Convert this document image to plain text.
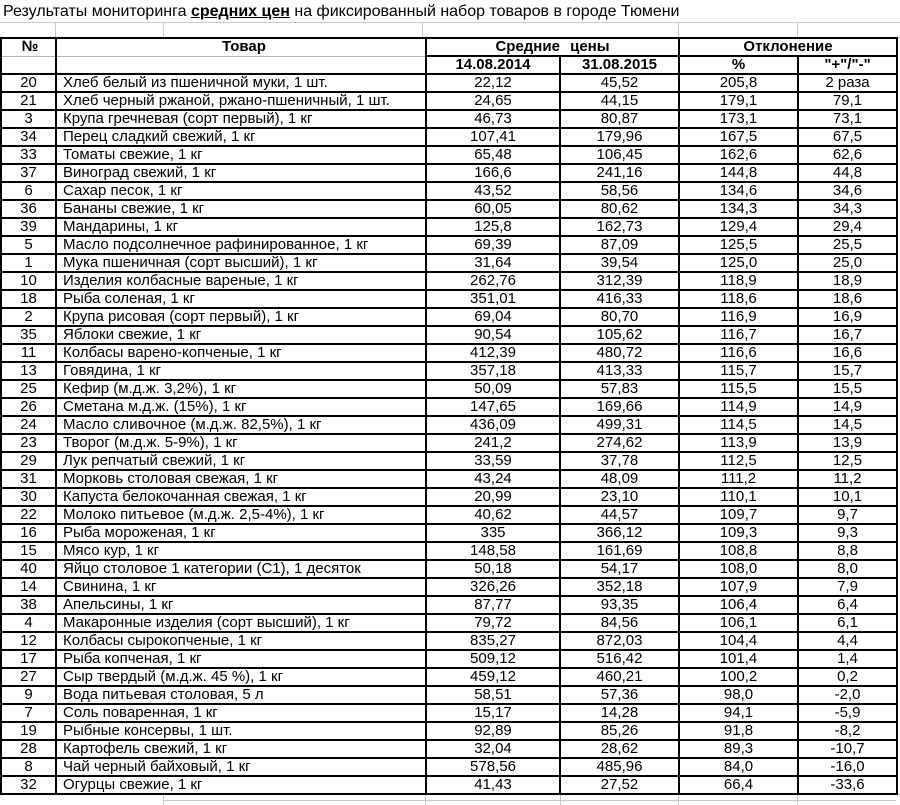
Результаты мониторинга средних цен на фиксированный набор товаров в городе Тюмени
№	Товар	Средние цены		Отклонение	
		14.08.2014	31.08.2015	%	"+"/"-"
20	Хлеб белый из пшеничной муки, 1 шт.	22,12	45,52	205,8	2 раза
21	Хлеб черный ржаной, ржано-пшеничный, 1 шт.	24,65	44,15	179,1	79,1
3	Крупа гречневая (сорт первый), 1 кг	46,73	80,87	173,1	73,1
34	Перец сладкий свежий, 1 кг	107,41	179,96	167,5	67,5
33	Томаты свежие, 1 кг	65,48	106,45	162,6	62,6
37	Виноград свежий, 1 кг	166,6	241,16	144,8	44,8
6	Сахар песок, 1 кг	43,52	58,56	134,6	34,6
36	Бананы свежие, 1 кг	60,05	80,62	134,3	34,3
39	Мандарины, 1 кг	125,8	162,73	129,4	29,4
5	Масло подсолнечное рафинированное, 1 кг	69,39	87,09	125,5	25,5
1	Мука пшеничная (сорт высший), 1 кг	31,64	39,54	125,0	25,0
10	Изделия колбасные вареные, 1 кг	262,76	312,39	118,9	18,9
18	Рыба соленая, 1 кг	351,01	416,33	118,6	18,6
2	Крупа рисовая (сорт первый), 1 кг	69,04	80,70	116,9	16,9
35	Яблоки свежие, 1 кг	90,54	105,62	116,7	16,7
11	Колбасы варено-копченые, 1 кг	412,39	480,72	116,6	16,6
13	Говядина, 1 кг	357,18	413,33	115,7	15,7
25	Кефир (м.д.ж. 3,2%), 1 кг	50,09	57,83	115,5	15,5
26	Сметана м.д.ж. (15%), 1 кг	147,65	169,66	114,9	14,9
24	Масло сливочное (м.д.ж. 82,5%), 1 кг	436,09	499,31	114,5	14,5
23	Творог (м.д.ж. 5-9%), 1 кг	241,2	274,62	113,9	13,9
29	Лук репчатый свежий, 1 кг	33,59	37,78	112,5	12,5
31	Морковь столовая свежая, 1 кг	43,24	48,09	111,2	11,2
30	Капуста белокочанная свежая, 1 кг	20,99	23,10	110,1	10,1
22	Молоко питьевое (м.д.ж. 2,5-4%), 1 кг	40,62	44,57	109,7	9,7
16	Рыба мороженая, 1 кг	335	366,12	109,3	9,3
15	Мясо кур, 1 кг	148,58	161,69	108,8	8,8
40	Яйцо столовое 1 категории (С1), 1 десяток	50,18	54,17	108,0	8,0
14	Свинина, 1 кг	326,26	352,18	107,9	7,9
38	Апельсины, 1 кг	87,77	93,35	106,4	6,4
4	Макаронные изделия (сорт высший), 1 кг	79,72	84,56	106,1	6,1
12	Колбасы сырокопченые, 1 кг	835,27	872,03	104,4	4,4
17	Рыба копченая, 1 кг	509,12	516,42	101,4	1,4
27	Сыр твердый (м.д.ж. 45 %), 1 кг	459,12	460,21	100,2	0,2
9	Вода питьевая столовая, 5 л	58,51	57,36	98,0	-2,0
7	Соль поваренная, 1 кг	15,17	14,28	94,1	-5,9
19	Рыбные консервы, 1 шт.	92,89	85,26	91,8	-8,2
28	Картофель свежий, 1 кг	32,04	28,62	89,3	-10,7
8	Чай черный байховый, 1 кг	578,56	485,96	84,0	-16,0
32	Огурцы свежие, 1 кг	41,43	27,52	66,4	-33,6
